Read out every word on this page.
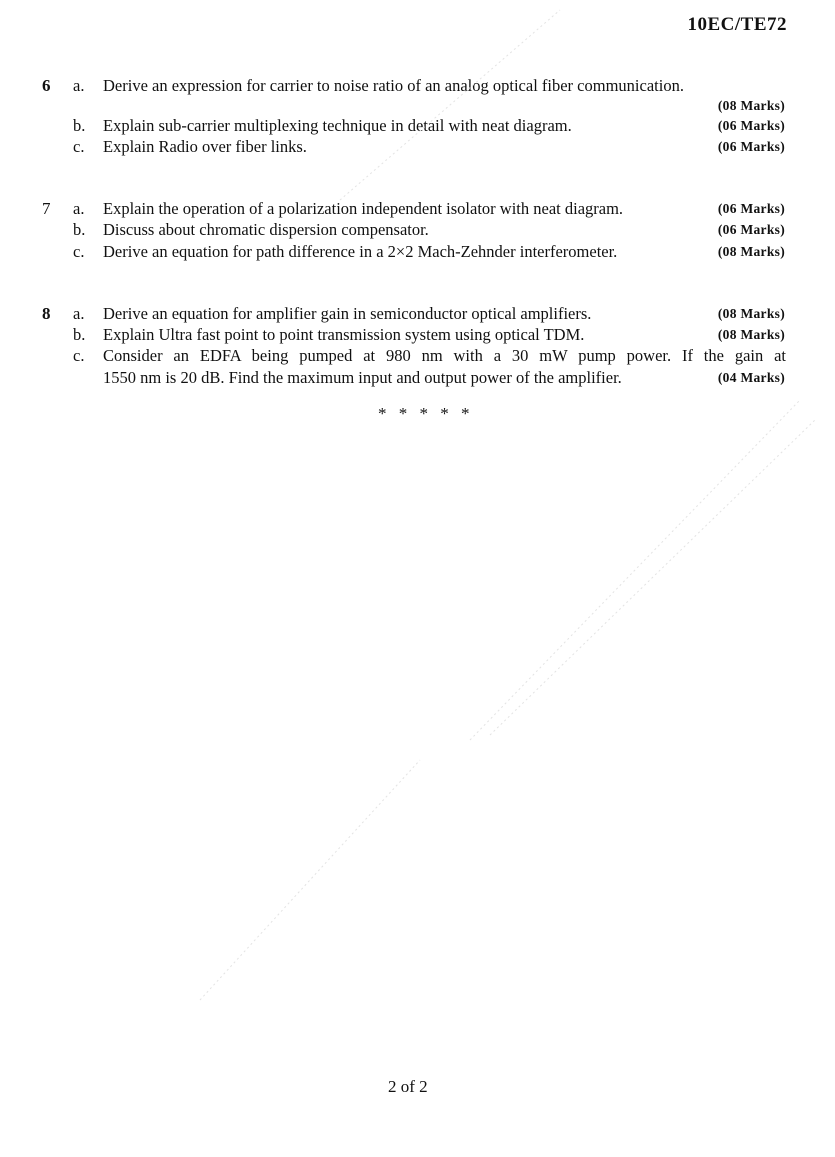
10EC/TE72
6 a. Derive an expression for carrier to noise ratio of an analog optical fiber communication.
(08 Marks)
b. Explain sub-carrier multiplexing technique in detail with neat diagram.	(06 Marks)
c. Explain Radio over fiber links.	(06 Marks)
7 a. Explain the operation of a polarization independent isolator with neat diagram.	(06 Marks)
b. Discuss about chromatic dispersion compensator.	(06 Marks)
c. Derive an equation for path difference in a 2×2 Mach-Zehnder interferometer.	(08 Marks)
8 a. Derive an equation for amplifier gain in semiconductor optical amplifiers.	(08 Marks)
b. Explain Ultra fast point to point transmission system using optical TDM.	(08 Marks)
c. Consider an EDFA being pumped at 980 nm with a 30 mW pump power. If the gain at
1550 nm is 20 dB. Find the maximum input and output power of the amplifier.	(04 Marks)
* * * * *
2 of 2
